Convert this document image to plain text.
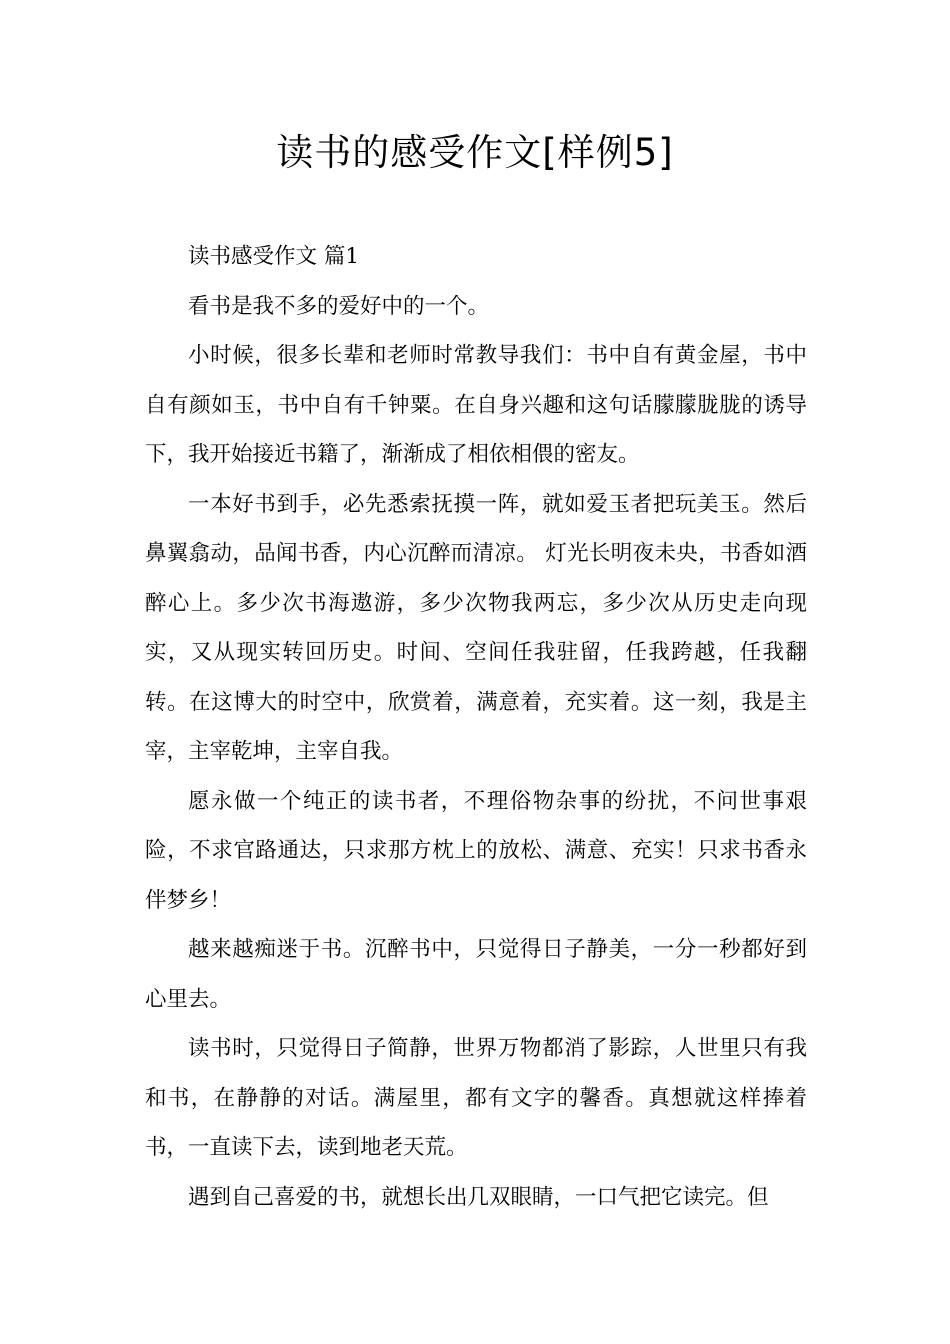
读书的感受作文[样例5]

读书感受作文 篇1

看书是我不多的爱好中的一个。

小时候，很多长辈和老师时常教导我们：书中自有黄金屋，书中自有颜如玉，书中自有千钟粟。在自身兴趣和这句话朦朦胧胧的诱导下，我开始接近书籍了，渐渐成了相依相偎的密友。

一本好书到手，必先悉索抚摸一阵，就如爱玉者把玩美玉。然后鼻翼翕动，品闻书香，内心沉醉而清凉。 灯光长明夜未央，书香如酒醉心上。多少次书海遨游，多少次物我两忘，多少次从历史走向现实，又从现实转回历史。时间、空间任我驻留，任我跨越，任我翻转。在这博大的时空中，欣赏着，满意着，充实着。这一刻，我是主宰，主宰乾坤，主宰自我。

愿永做一个纯正的读书者，不理俗物杂事的纷扰，不问世事艰险，不求官路通达，只求那方枕上的放松、满意、充实！只求书香永伴梦乡！

越来越痴迷于书。沉醉书中，只觉得日子静美，一分一秒都好到心里去。

读书时，只觉得日子简静，世界万物都消了影踪，人世里只有我和书，在静静的对话。满屋里，都有文字的馨香。真想就这样捧着书，一直读下去，读到地老天荒。

遇到自己喜爱的书，就想长出几双眼睛，一口气把它读完。但
